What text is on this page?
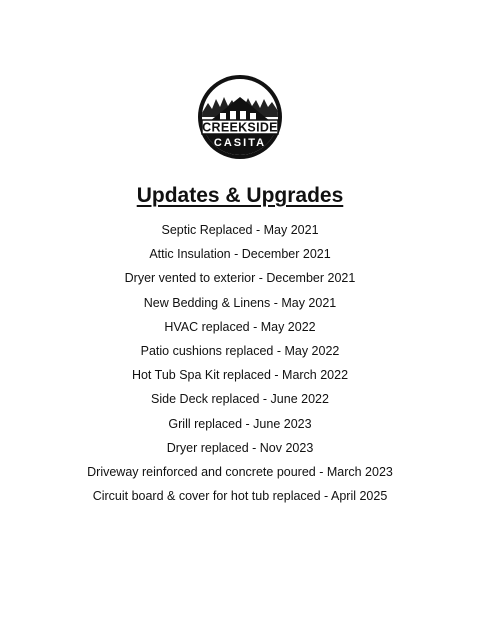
CREEKSIDE
CASITA
Updates & Upgrades
Septic Replaced - May 2021
Attic Insulation - December 2021
Dryer vented to exterior - December 2021
New Bedding & Linens - May 2021
HVAC replaced - May 2022
Patio cushions replaced - May 2022
Hot Tub Spa Kit replaced - March 2022
Side Deck replaced - June 2022
Grill replaced - June 2023
Dryer replaced - Nov 2023
Driveway reinforced and concrete poured - March 2023
Circuit board & cover for hot tub replaced - April 2025
